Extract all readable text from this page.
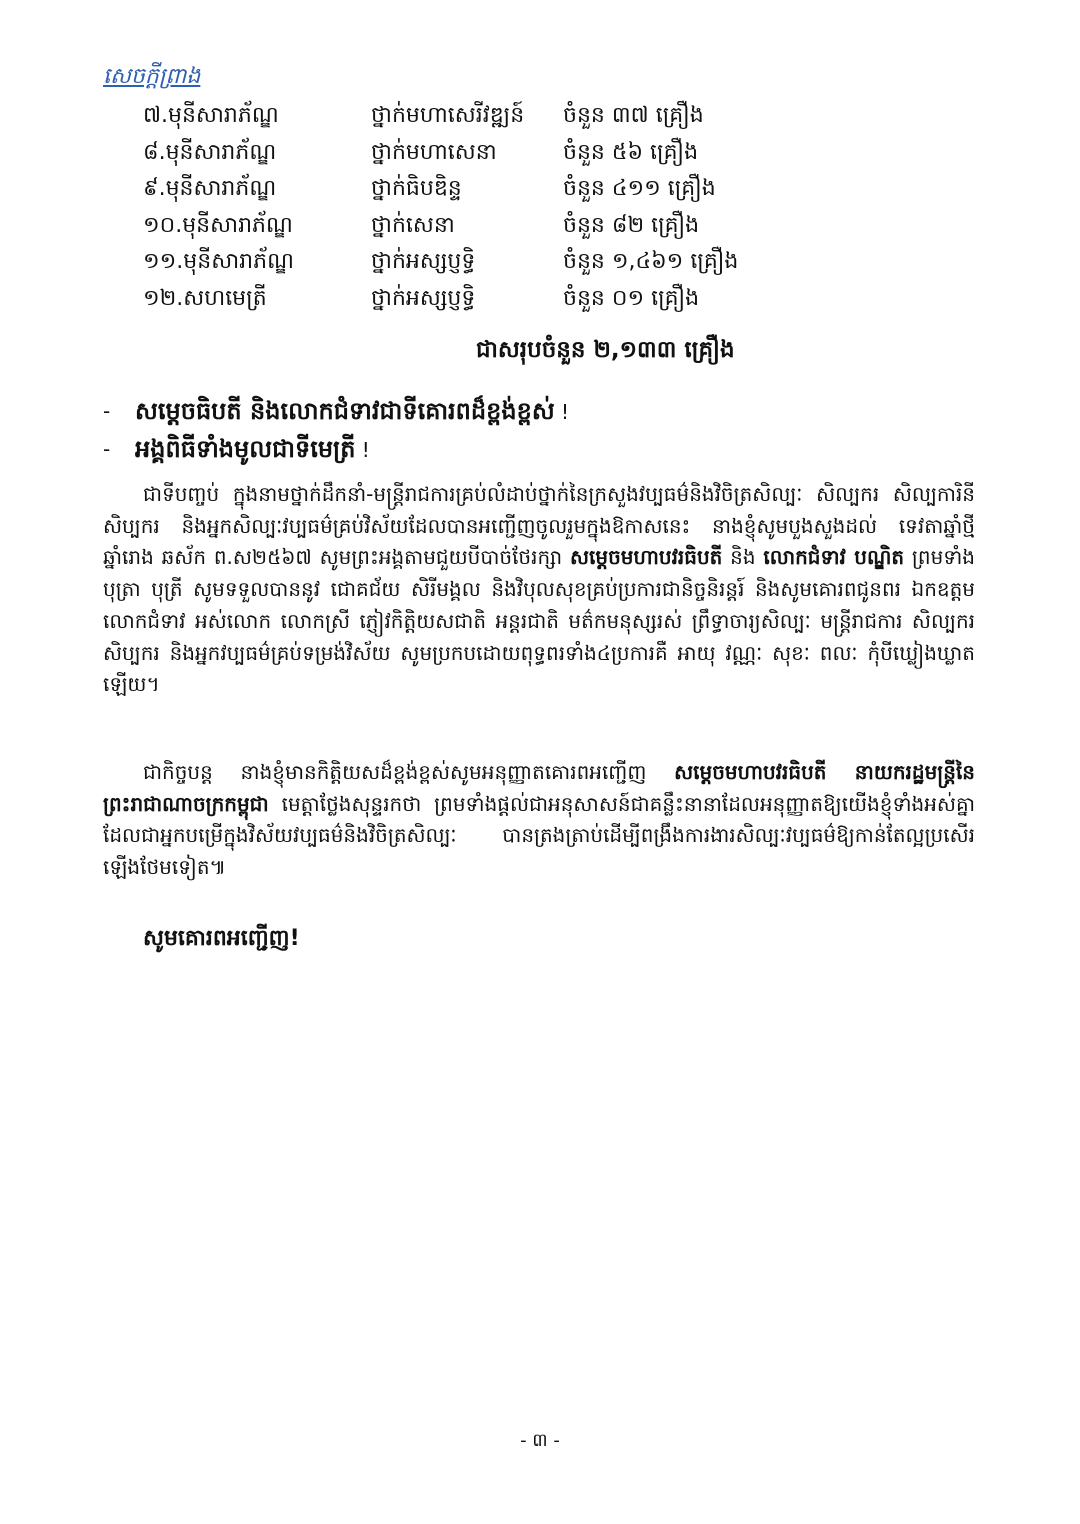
សេចក្តីព្រាង
៧.មុនីសារាភ័ណ្ឌ	ថ្នាក់មហាសេរីវឌ្ឍន៍ ចំនួន ៣៧ គ្រឿង
៨.មុនីសារាភ័ណ្ឌ	ថ្នាក់មហាសេនា	ចំនួន ៥៦ គ្រឿង
៩.មុនីសារាភ័ណ្ឌ	ថ្នាក់ធិបឌិន្ទ	ចំនួន ៤១១ គ្រឿង
១០.មុនីសារាភ័ណ្ឌ	ថ្នាក់សេនា	ចំនួន ៨២ គ្រឿង
១១.មុនីសារាភ័ណ្ឌ	ថ្នាក់អស្សប្ញទ្ធិ	ចំនួន ១,៤៦១ គ្រឿង
១២.សហមេត្រី	ថ្នាក់អស្សប្ញទ្ធិ	ចំនួន ០១ គ្រឿង
ជាសរុបចំនួន ២,១៣៣ គ្រឿង
- សម្តេចធិបតី និងលោកជំទាវជាទីគោរពដ៏ខ្ពង់ខ្ពស់ !
- អង្គពិធីទាំងមូលជាទីមេត្រី !
ជាទីបញ្ចប់ ក្នុងនាមថ្នាក់ដឹកនាំ-មន្ត្រីរាជការគ្រប់លំដាប់ថ្នាក់នៃក្រសួងវប្បធម៌និងវិចិត្រសិល្បៈ សិល្បករ សិល្បការិនី សិប្បករ និងអ្នកសិល្បៈវប្បធម៌គ្រប់វិស័យដែលបានអញ្ជើញចូលរួមក្នុងឱកាសនេះ នាងខ្ញុំសូមបួងសួងដល់ ទេវតាឆ្នាំថ្មី ឆ្នាំរោង ឆស័ក ព.ស២៥៦៧ សូមព្រះអង្គតាមជួយបីបាច់ថែរក្សា សម្តេចមហាបវរធិបតី និង លោកជំទាវ បណ្ឌិត ព្រមទាំងបុត្រា បុត្រី សូមទទួលបាននូវ ជោគជ័យ សិរីមង្គល និងវិបុលសុខគ្រប់ប្រការជានិច្ចនិរន្តរ៍ និងសូមគោរពជូនពរ ឯកឧត្តម លោកជំទាវ អស់លោក លោកស្រី ភ្ញៀវកិត្តិយសជាតិ អន្តរជាតិ មត៌កមនុស្សរស់ ព្រឹទ្ធាចារ្យសិល្បៈ មន្ត្រីរាជការ សិល្បករ សិប្បករ និងអ្នកវប្បធម៌គ្រប់ទម្រង់វិស័យ សូមប្រកបដោយពុទ្ធពរទាំង៤ប្រការគឺ អាយុ វណ្ណៈ សុខៈ ពលៈ កុំបីឃ្លៀងឃ្លាតឡើយ។
ជាកិច្ចបន្ត នាងខ្ញុំមានកិត្តិយសដ៏ខ្ពង់ខ្ពស់សូមអនុញ្ញាតគោរពអញ្ជើញ សម្តេចមហាបវរធិបតី នាយករដ្ឋមន្ត្រីនៃព្រះរាជាណាចក្រកម្ពុជា មេត្តាថ្លែងសុន្ទរកថា ព្រមទាំងផ្តល់ជាអនុសាសន៍ជាគន្លឹះនានាដែលអនុញ្ញាតឱ្យយើងខ្ញុំទាំងអស់គ្នាដែលជាអ្នកបម្រើក្នុងវិស័យវប្បធម៌និងវិចិត្រសិល្បៈ បានត្រងត្រាប់ដើម្បីពង្រឹងការងារសិល្បៈវប្បធម៌ឱ្យកាន់តែល្អប្រសើរឡើងថែមទៀត៕
សូមគោរពអញ្ជើញ!
- ៣ -
